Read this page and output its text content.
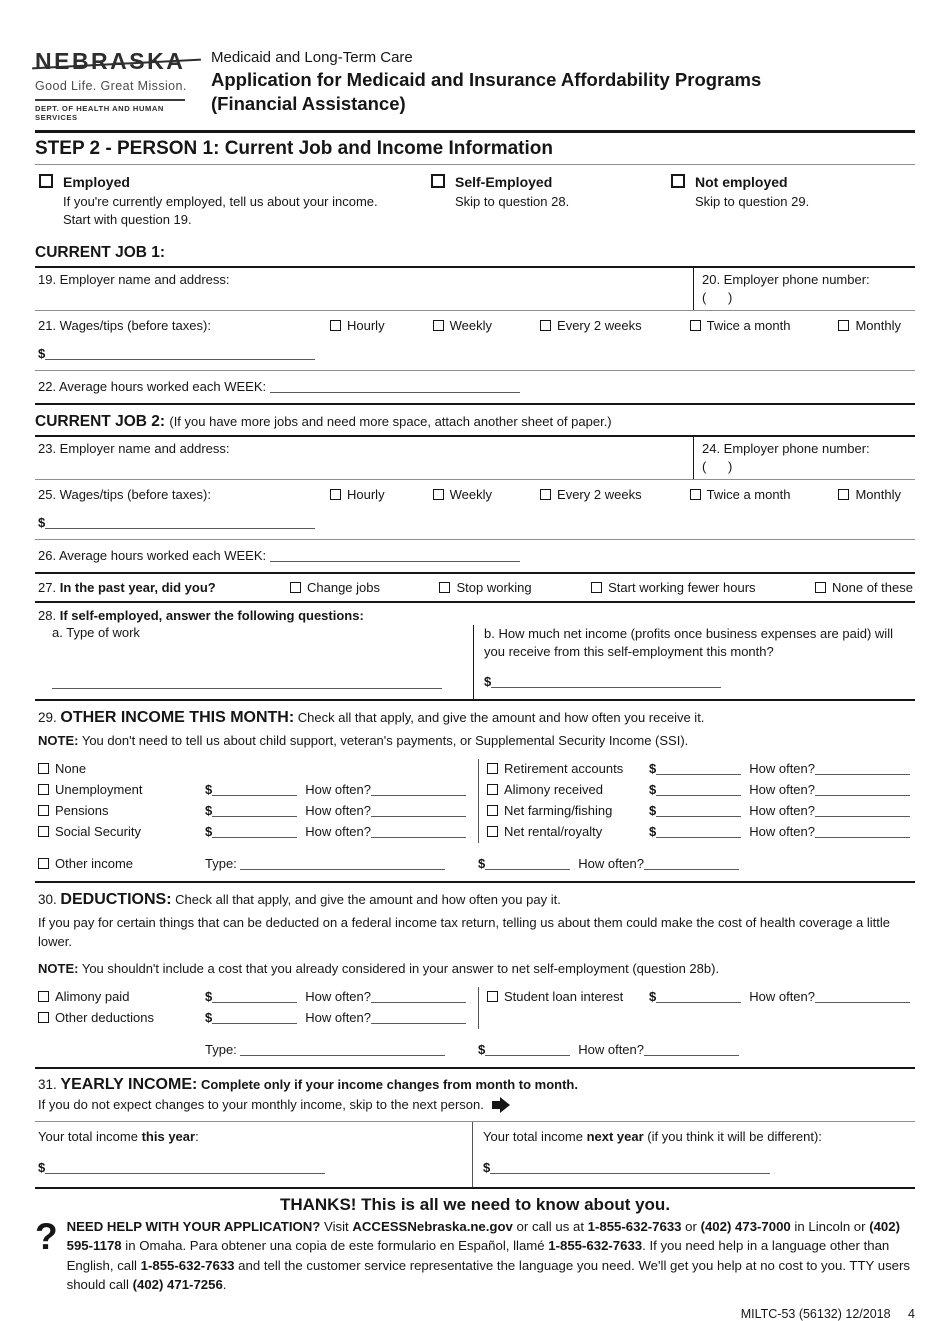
NEBRASKA
Good Life. Great Mission.
DEPT. OF HEALTH AND HUMAN SERVICES
Medicaid and Long-Term Care
Application for Medicaid and Insurance Affordability Programs
(Financial Assistance)
STEP 2 - PERSON 1: Current Job and Income Information
Employed
If you're currently employed, tell us about your income. Start with question 19.
Self-Employed
Skip to question 28.
Not employed
Skip to question 29.
CURRENT JOB 1:
19. Employer name and address:	20. Employer phone number:
(      )
21. Wages/tips (before taxes):	Hourly	Weekly	Every 2 weeks	Twice a month	Monthly
$
22. Average hours worked each WEEK:
CURRENT JOB 2: (If you have more jobs and need more space, attach another sheet of paper.)
23. Employer name and address:	24. Employer phone number:
(      )
25. Wages/tips (before taxes):	Hourly	Weekly	Every 2 weeks	Twice a month	Monthly
$
26. Average hours worked each WEEK:
27. In the past year, did you?	Change jobs	Stop working	Start working fewer hours	None of these
28. If self-employed, answer the following questions:
a. Type of work	b. How much net income (profits once business expenses are paid) will you receive from this self-employment this month?
$
29. OTHER INCOME THIS MONTH: Check all that apply, and give the amount and how often you receive it.
NOTE: You don't need to tell us about child support, veteran's payments, or Supplemental Security Income (SSI).
None
Unemployment	$	How often?
Pensions	$	How often?
Social Security	$	How often?
Retirement accounts $	How often?
Alimony received	$	How often?
Net farming/fishing	$	How often?
Net rental/royalty	$	How often?
Other income	Type:	$	How often?
30. DEDUCTIONS: Check all that apply, and give the amount and how often you pay it.
If you pay for certain things that can be deducted on a federal income tax return, telling us about them could make the cost of health coverage a little lower.
NOTE: You shouldn't include a cost that you already considered in your answer to net self-employment (question 28b).
Alimony paid	$	How often?
Other deductions	$	How often?
Student loan interest $	How often?
Type:	$	How often?
31. YEARLY INCOME: Complete only if your income changes from month to month.
If you do not expect changes to your monthly income, skip to the next person.
Your total income this year:
$
Your total income next year (if you think it will be different):
$
THANKS! This is all we need to know about you.
? NEED HELP WITH YOUR APPLICATION? Visit ACCESSNebraska.ne.gov or call us at 1-855-632-7633 or (402) 473-7000 in Lincoln or (402) 595-1178 in Omaha. Para obtener una copia de este formulario en Español, llamé 1-855-632-7633. If you need help in a language other than English, call 1-855-632-7633 and tell the customer service representative the language you need. We'll get you help at no cost to you. TTY users should call (402) 471-7256.
MILTC-53 (56132) 12/2018 4
